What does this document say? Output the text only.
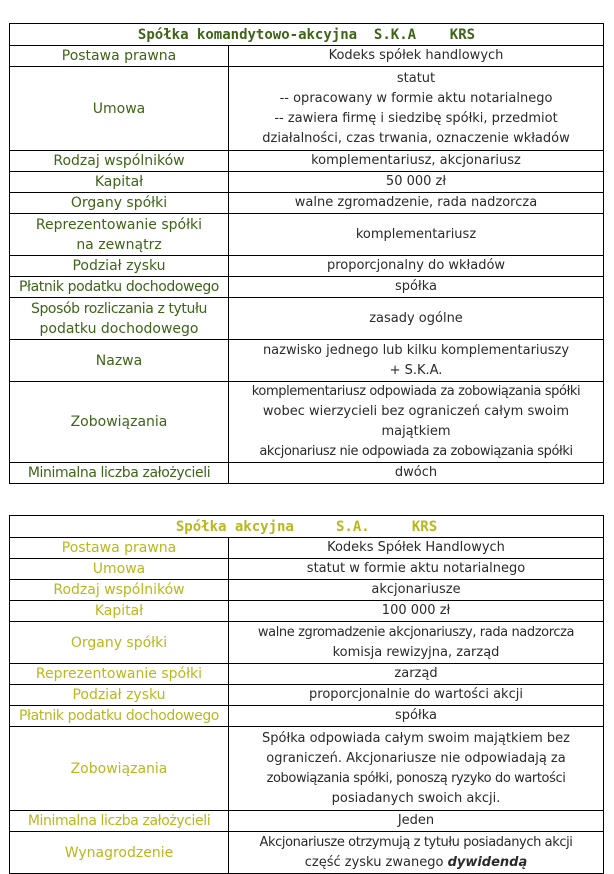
Spółka komandytowo-akcyjna  S.K.A    KRS	

Postawa prawna	Kodeks spółek handlowych

Umowa	statut
-- opracowany w formie aktu notarialnego
-- zawiera firmę i siedzibę spółki, przedmiot
działalności, czas trwania, oznaczenie wkładów

Rodzaj wspólników	komplementariusz, akcjonariusz

Kapitał	50 000 zł

Organy spółki	walne zgromadzenie, rada nadzorcza

Reprezentowanie spółki
na zewnątrz	komplementariusz

Podział zysku	proporcjonalny do wkładów

Płatnik podatku dochodowego	spółka

Sposób rozliczania z tytułu
podatku dochodowego	zasady ogólne

Nazwa	nazwisko jednego lub kilku komplementariuszy
+ S.K.A.

Zobowiązania	komplementariusz odpowiada za zobowiązania spółki
wobec wierzycieli bez ograniczeń całym swoim
majątkiem
akcjonariusz nie odpowiada za zobowiązania spółki

Minimalna liczba założycieli	dwóch
Spółka akcyjna     S.A.     KRS	

Postawa prawna	Kodeks Spółek Handlowych

Umowa	statut w formie aktu notarialnego

Rodzaj wspólników	akcjonariusze

Kapitał	100 000 zł

Organy spółki	walne zgromadzenie akcjonariuszy, rada nadzorcza
komisja rewizyjna, zarząd

Reprezentowanie spółki	zarząd

Podział zysku	proporcjonalnie do wartości akcji

Płatnik podatku dochodowego	spółka

Zobowiązania	Spółka odpowiada całym swoim majątkiem bez
ograniczeń. Akcjonariusze nie odpowiadają za
zobowiązania spółki, ponoszą ryzyko do wartości
posiadanych swoich akcji.

Minimalna liczba założycieli	Jeden

Wynagrodzenie	Akcjonariusze otrzymują z tytułu posiadanych akcji
część zysku zwanego dywidendą
